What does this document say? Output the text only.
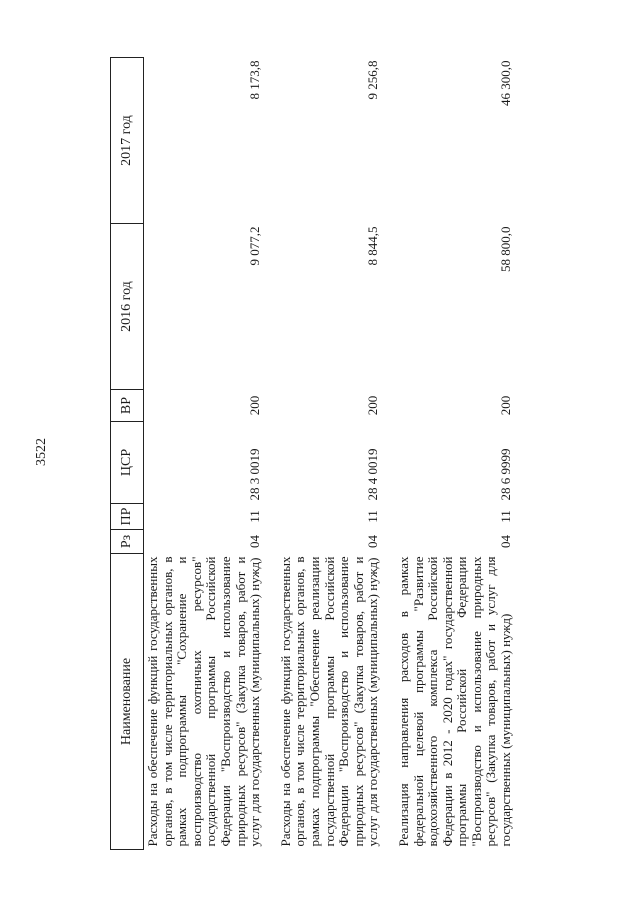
3522
Наименование	Рз	ПР	ЦСР	ВР	2016 год	2017 год

Расходы на обеспечение функций государственных органов, в том числе территориальных органов, в рамках подпрограммы "Сохранение и воспроизводство охотничьих ресурсов" государственной программы Российской Федерации "Воспроизводство и использование природных ресурсов" (Закупка товаров, работ и услуг для государственных (муниципальных) нужд)	04	11	28 3 0019	200	9 077,2	8 173,8

Расходы на обеспечение функций государственных органов, в том числе территориальных органов, в рамках подпрограммы "Обеспечение реализации государственной программы Российской Федерации "Воспроизводство и использование природных ресурсов" (Закупка товаров, работ и услуг для государственных (муниципальных) нужд)	04	11	28 4 0019	200	8 844,5	9 256,8

Реализация направления расходов в рамках федеральной целевой программы "Развитие водохозяйственного комплекса Российской Федерации в 2012 - 2020 годах" государственной программы Российской Федерации "Воспроизводство и использование природных ресурсов" (Закупка товаров, работ и услуг для государственных (муниципальных) нужд)	04	11	28 6 9999	200	58 800,0	46 300,0
